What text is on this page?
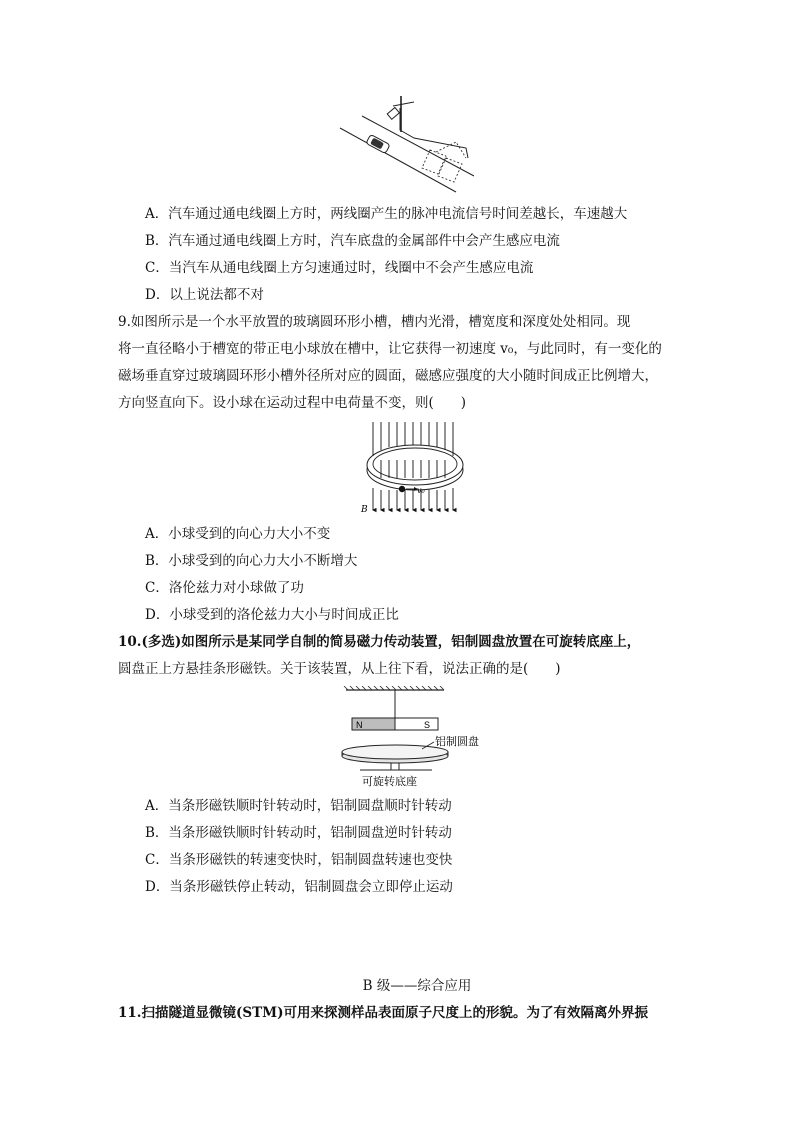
A．汽车通过通电线圈上方时，两线圈产生的脉冲电流信号时间差越长，车速越大
B．汽车通过通电线圈上方时，汽车底盘的金属部件中会产生感应电流
C．当汽车从通电线圈上方匀速通过时，线圈中不会产生感应电流
D．以上说法都不对
9.如图所示是一个水平放置的玻璃圆环形小槽，槽内光滑，槽宽度和深度处处相同。现
将一直径略小于槽宽的带正电小球放在槽中，让它获得一初速度 v₀，与此同时，有一变化的
磁场垂直穿过玻璃圆环形小槽外径所对应的圆面，磁感应强度的大小随时间成正比例增大，
方向竖直向下。设小球在运动过程中电荷量不变，则(　　)
v₀
B
A．小球受到的向心力大小不变
B．小球受到的向心力大小不断增大
C．洛伦兹力对小球做了功
D．小球受到的洛伦兹力大小与时间成正比
10.(多选)如图所示是某同学自制的简易磁力传动装置，铝制圆盘放置在可旋转底座上，
圆盘正上方悬挂条形磁铁。关于该装置，从上往下看，说法正确的是(　　)
N	S
铝制圆盘
可旋转底座
A．当条形磁铁顺时针转动时，铝制圆盘顺时针转动
B．当条形磁铁顺时针转动时，铝制圆盘逆时针转动
C．当条形磁铁的转速变快时，铝制圆盘转速也变快
D．当条形磁铁停止转动，铝制圆盘会立即停止运动
B 级——综合应用
11.扫描隧道显微镜(STM)可用来探测样品表面原子尺度上的形貌。为了有效隔离外界振
